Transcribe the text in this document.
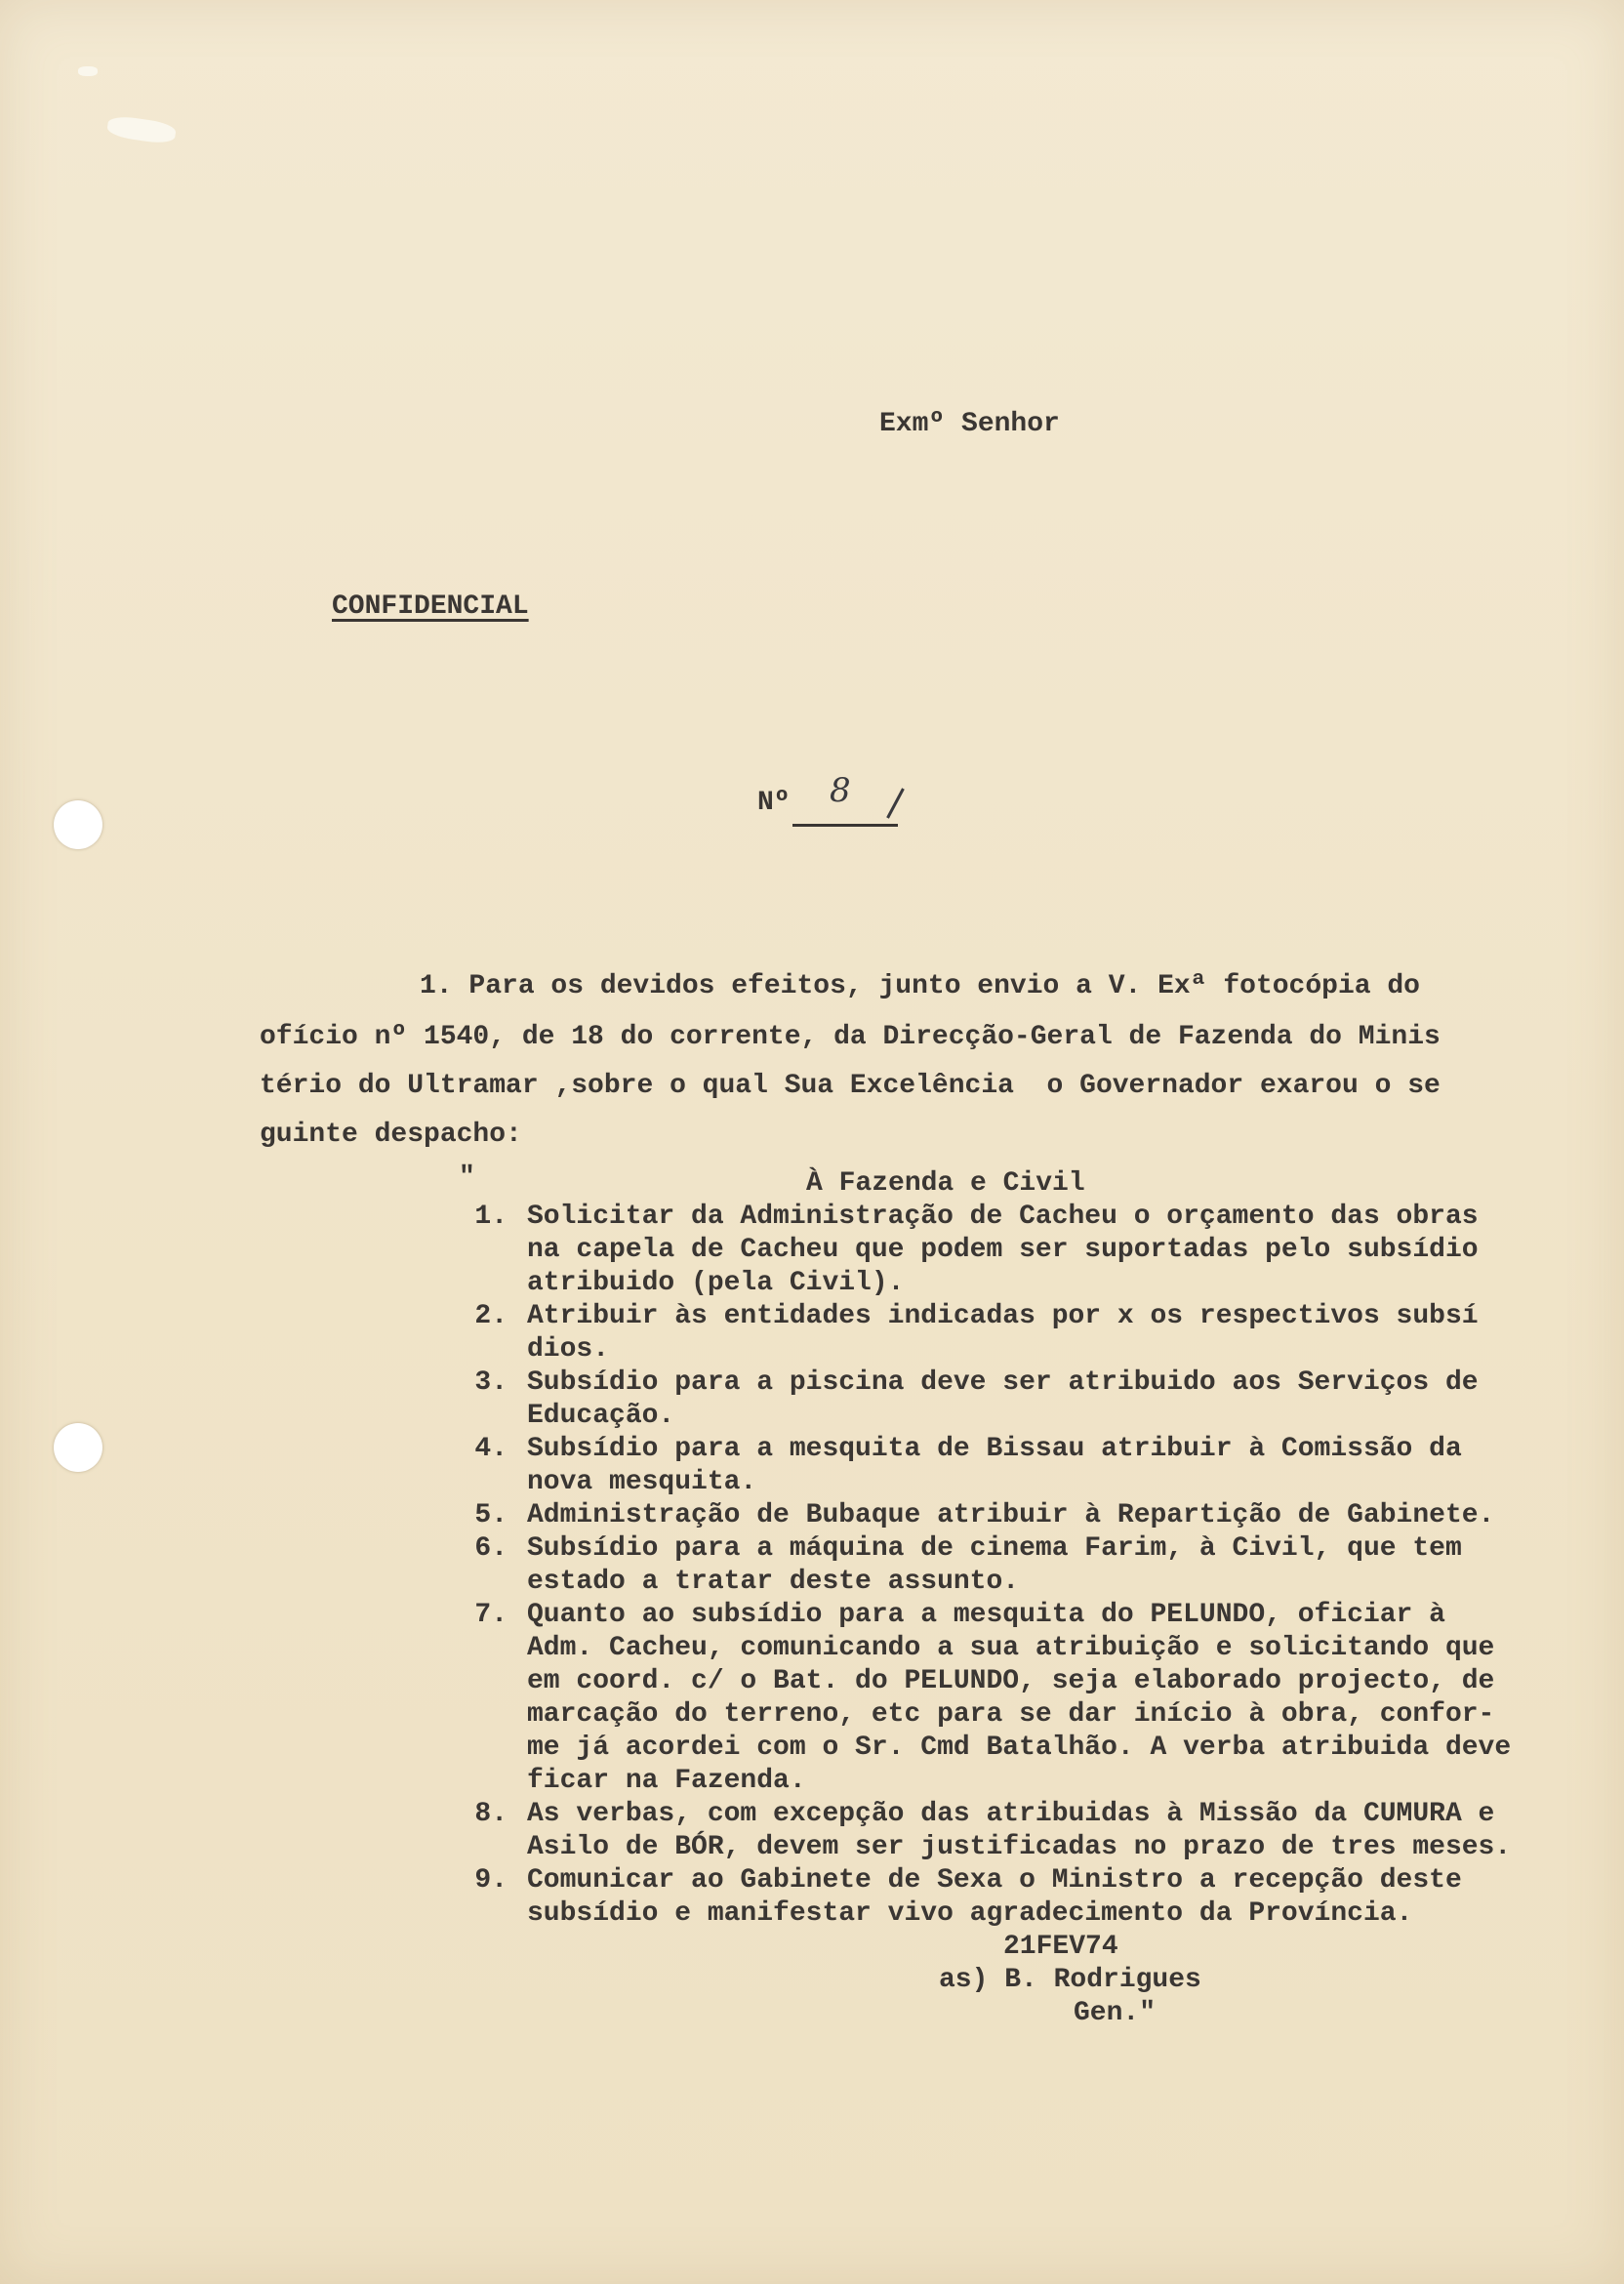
Exmº Senhor
CONFIDENCIAL
Nº 8
1. Para os devidos efeitos, junto envio a V. Exª fotocópia do
ofício nº 1540, de 18 do corrente, da Direcção-Geral de Fazenda do Minis
tério do Ultramar ,sobre o qual Sua Excelência  o Governador exarou o se
guinte despacho:
"	À Fazenda e Civil
1. Solicitar da Administração de Cacheu o orçamento das obras
na capela de Cacheu que podem ser suportadas pelo subsídio
atribuido (pela Civil).
2. Atribuir às entidades indicadas por x os respectivos subsí
dios.
3. Subsídio para a piscina deve ser atribuido aos Serviços de
Educação.
4. Subsídio para a mesquita de Bissau atribuir à Comissão da
nova mesquita.
5. Administração de Bubaque atribuir à Repartição de Gabinete.
6. Subsídio para a máquina de cinema Farim, à Civil, que tem
estado a tratar deste assunto.
7. Quanto ao subsídio para a mesquita do PELUNDO, oficiar à
Adm. Cacheu, comunicando a sua atribuição e solicitando que
em coord. c/ o Bat. do PELUNDO, seja elaborado projecto, de
marcação do terreno, etc para se dar início à obra, confor-
me já acordei com o Sr. Cmd Batalhão. A verba atribuida deve
ficar na Fazenda.
8. As verbas, com excepção das atribuidas à Missão da CUMURA e
Asilo de BÓR, devem ser justificadas no prazo de tres meses.
9. Comunicar ao Gabinete de Sexa o Ministro a recepção deste
subsídio e manifestar vivo agradecimento da Província.
21FEV74
as) B. Rodrigues
Gen."
